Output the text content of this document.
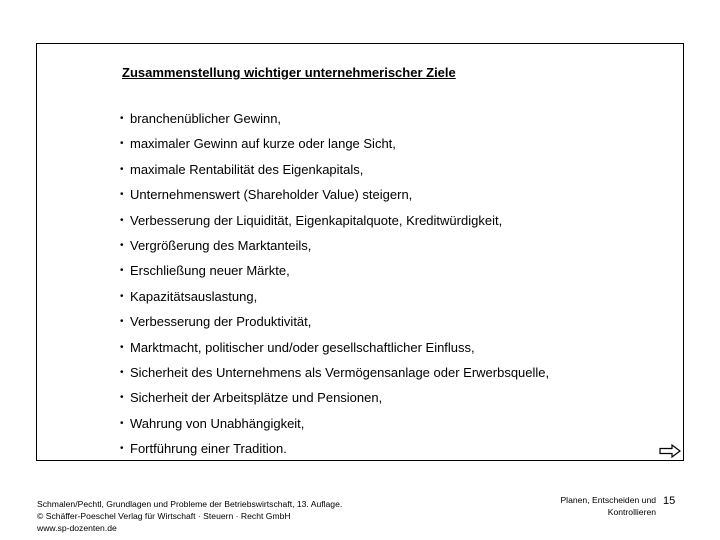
Zusammenstellung wichtiger unternehmerischer Ziele
• branchenüblicher Gewinn,
• maximaler Gewinn auf kurze oder lange Sicht,
• maximale Rentabilität des Eigenkapitals,
• Unternehmenswert (Shareholder Value) steigern,
• Verbesserung der Liquidität, Eigenkapitalquote, Kreditwürdigkeit,
• Vergrößerung des Marktanteils,
• Erschließung neuer Märkte,
• Kapazitätsauslastung,
• Verbesserung der Produktivität,
• Marktmacht, politischer und/oder gesellschaftlicher Einfluss,
• Sicherheit des Unternehmens als Vermögensanlage oder Erwerbsquelle,
• Sicherheit der Arbeitsplätze und Pensionen,
• Wahrung von Unabhängigkeit,
• Fortführung einer Tradition.
Schmalen/Pechtl, Grundlagen und Probleme der Betriebswirtschaft, 13. Auflage.
© Schäffer-Poeschel Verlag für Wirtschaft · Steuern · Recht GmbH
www.sp-dozenten.de
Planen, Entscheiden und
Kontrollieren
15
